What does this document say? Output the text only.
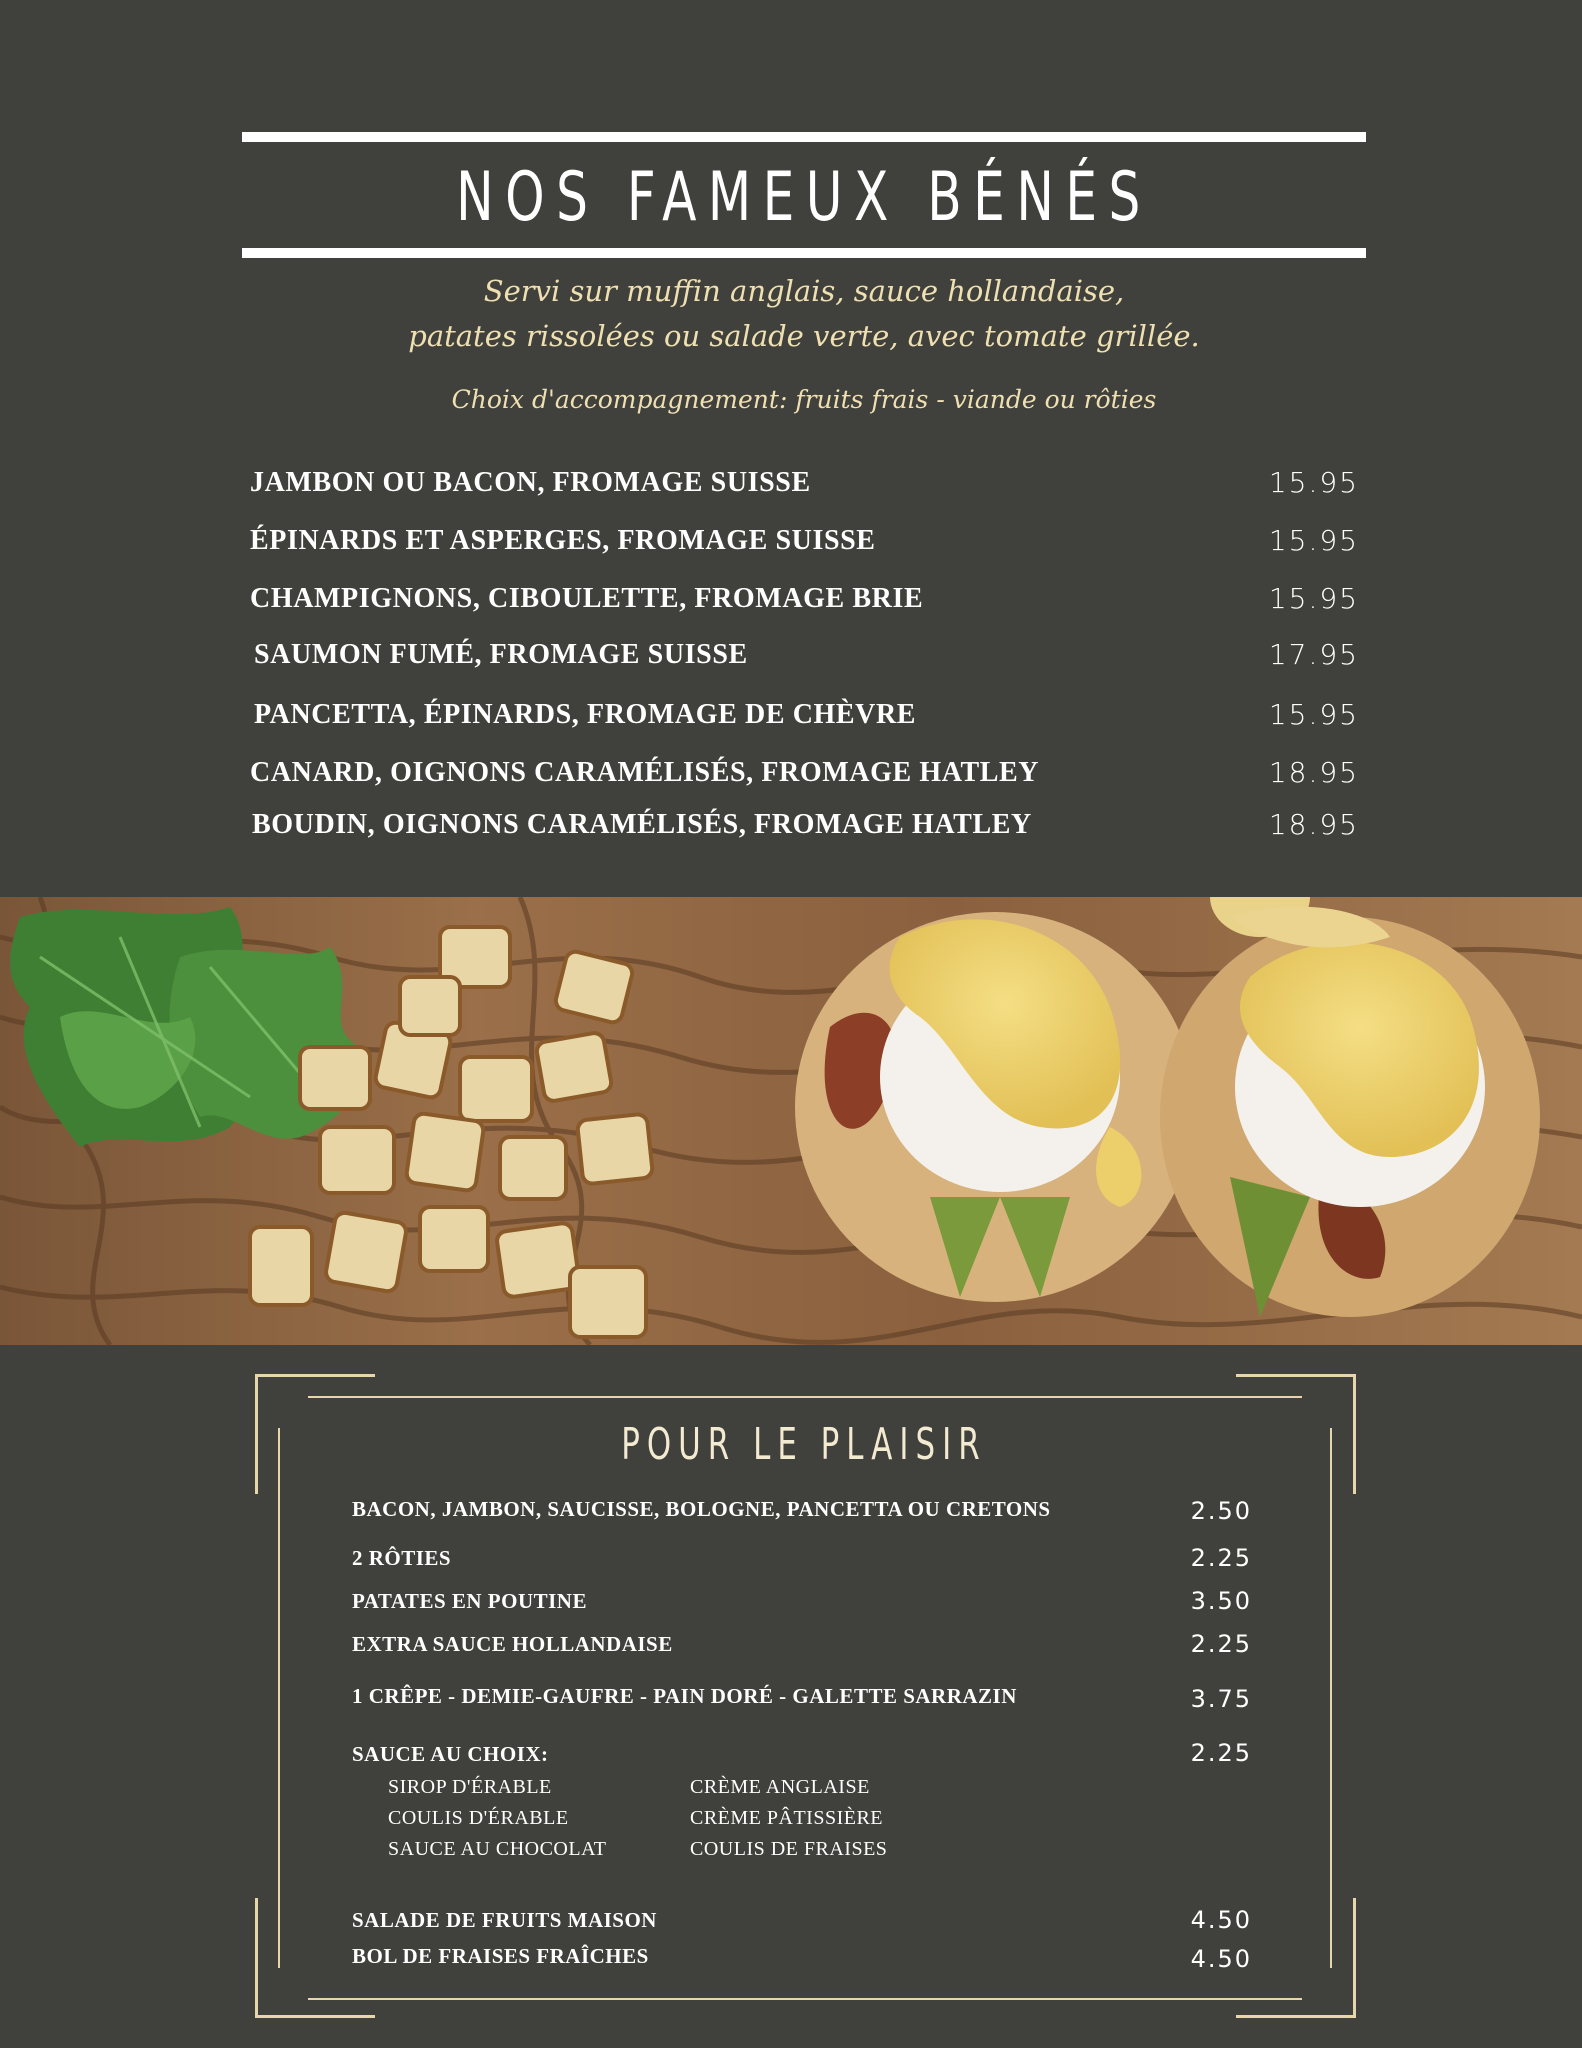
NOS FAMEUX BÉNÉS
Servi sur muffin anglais, sauce hollandaise,
patates rissolées ou salade verte, avec tomate grillée.
Choix d'accompagnement: fruits frais - viande ou rôties
JAMBON OU BACON, FROMAGE SUISSE	15.95
ÉPINARDS ET ASPERGES, FROMAGE SUISSE	15.95
CHAMPIGNONS, CIBOULETTE, FROMAGE BRIE	15.95
SAUMON FUMÉ, FROMAGE SUISSE	17.95
PANCETTA, ÉPINARDS, FROMAGE DE CHÈVRE	15.95
CANARD, OIGNONS CARAMÉLISÉS, FROMAGE HATLEY	18.95
BOUDIN, OIGNONS CARAMÉLISÉS, FROMAGE HATLEY	18.95
POUR LE PLAISIR
BACON, JAMBON, SAUCISSE, BOLOGNE, PANCETTA OU CRETONS	2.50
2 RÔTIES	2.25
PATATES EN POUTINE	3.50
EXTRA SAUCE HOLLANDAISE	2.25
1 CRÊPE - DEMIE-GAUFRE - PAIN DORÉ - GALETTE SARRAZIN	3.75
SAUCE AU CHOIX:	2.25
SIROP D'ÉRABLE
COULIS D'ÉRABLE
SAUCE AU CHOCOLAT
CRÈME ANGLAISE
CRÈME PÂTISSIÈRE
COULIS DE FRAISES
SALADE DE FRUITS MAISON	4.50
BOL DE FRAISES FRAÎCHES	4.50
